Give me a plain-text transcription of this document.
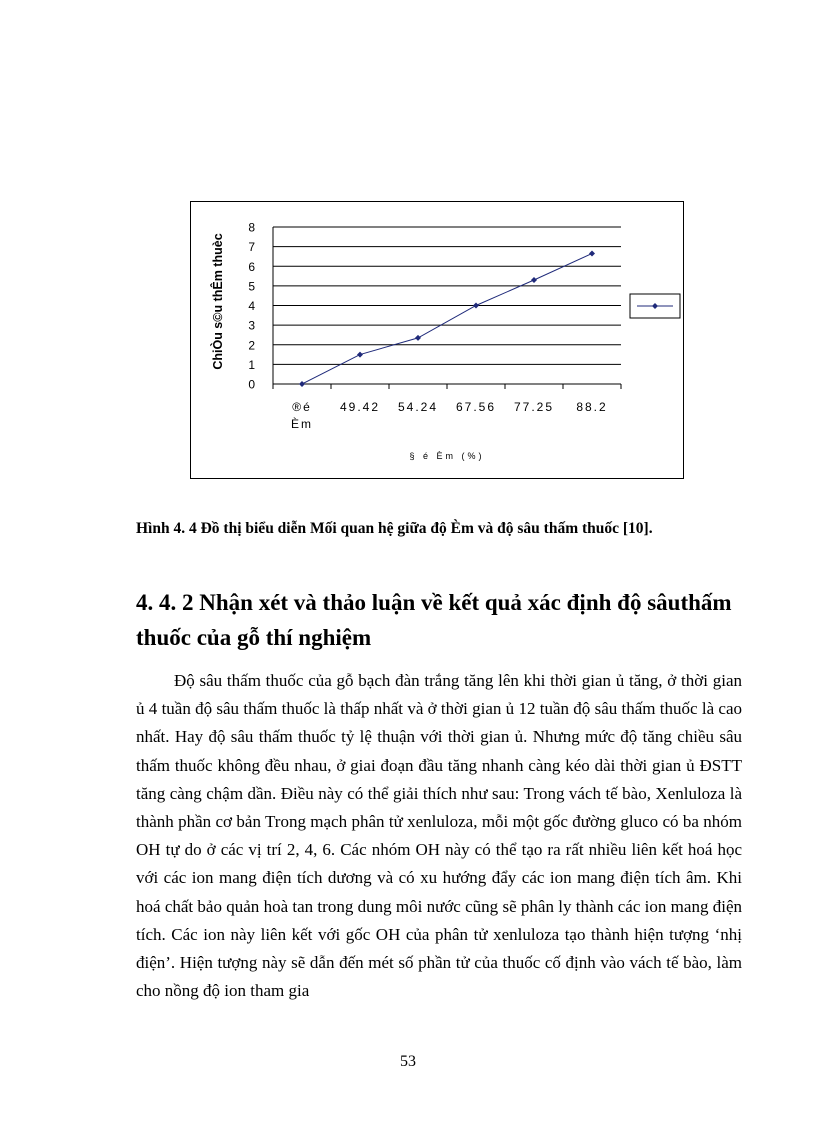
0
1
2
3
4
5
6
7
8
®é Èm
49.42 54.24 67.56 77.25 88.2
ChiÒu s©u thÊm thuèc
§ é Èm (%)
Hình 4. 4 Đồ thị biểu diễn Mối quan hệ giữa độ Èm và độ sâu thấm thuốc [10].
4. 4. 2 Nhận xét và thảo luận về kết quả xác định độ sâuthấm thuốc của gỗ thí nghiệm

Độ sâu thấm thuốc của gỗ bạch đàn trắng tăng lên khi thời gian ủ tăng, ở thời gian ủ 4 tuần độ sâu thấm thuốc là thấp nhất và ở thời gian ủ 12 tuần độ sâu thấm thuốc là cao nhất. Hay độ sâu thấm thuốc tỷ lệ thuận với thời gian ủ. Nhưng mức độ tăng chiều sâu thấm thuốc không đều nhau, ở giai đoạn đầu tăng nhanh càng kéo dài thời gian ủ ĐSTT tăng càng chậm dần. Điều này có thể giải thích như sau: Trong vách tế bào, Xenluloza là thành phần cơ bản Trong mạch phân tử xenluloza, mỗi một gốc đường gluco có ba nhóm OH tự do ở các vị trí 2, 4, 6. Các nhóm OH này có thể tạo ra rất nhiều liên kết hoá học với các ion mang điện tích dương và có xu hướng đẩy các ion mang điện tích âm. Khi hoá chất bảo quản hoà tan trong dung môi nước cũng sẽ phân ly thành các ion mang điện tích. Các ion này liên kết với gốc OH của phân tử xenluloza tạo thành hiện tượng ‘nhị điện’. Hiện tượng này sẽ dẫn đến mét số phần tử của thuốc cố định vào vách tế bào, làm cho nồng độ ion tham gia

53
